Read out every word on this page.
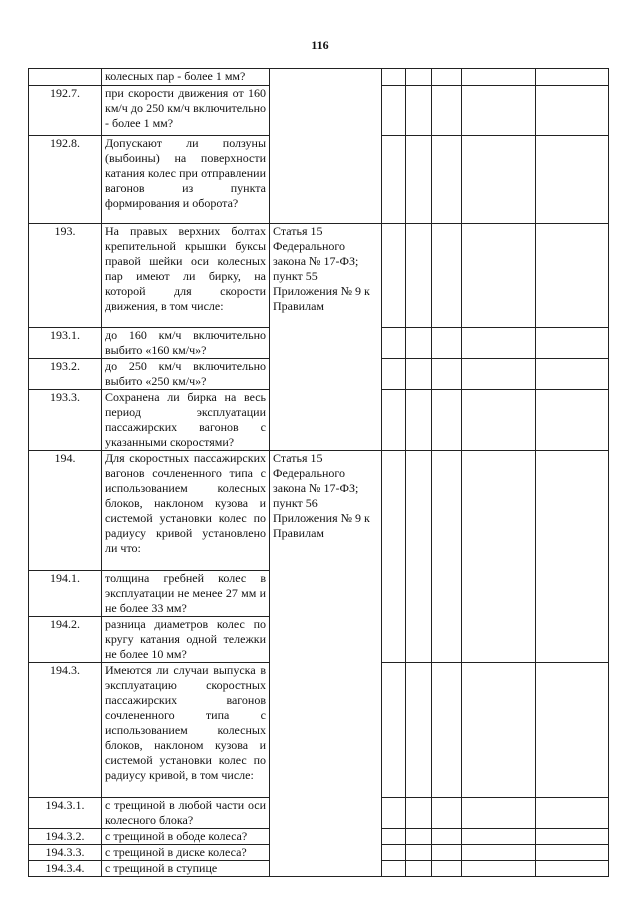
116
	колесных пар - более 1 мм?						
192.7.	при скорости движения от 160 км/ч до 250 км/ч включительно - более 1 мм?						
192.8.	Допускают ли ползуны (выбоины) на поверхности катания колес при отправлении вагонов из пункта формирования и оборота?						
193.	На правых верхних болтах крепительной крышки буксы правой шейки оси колесных пар имеют ли бирку, на которой для скорости движения, в том числе:	Статья 15 Федерального закона № 17-ФЗ; пункт 55 Приложения № 9 к Правилам					
193.1.	до 160 км/ч включительно выбито «160 км/ч»?						
193.2.	до 250 км/ч включительно выбито «250 км/ч»?						
193.3.	Сохранена ли бирка на весь период эксплуатации пассажирских вагонов с указанными скоростями?						
194.	Для скоростных пассажирских вагонов сочлененного типа с использованием колесных блоков, наклоном кузова и системой установки колес по радиусу кривой установлено ли что:	Статья 15 Федерального закона № 17-ФЗ; пункт 56 Приложения № 9 к Правилам					
194.1.	толщина гребней колес в эксплуатации не менее 27 мм и не более 33 мм?						
194.2.	разница диаметров колес по кругу катания одной тележки не более 10 мм?						
194.3.	Имеются ли случаи выпуска в эксплуатацию скоростных пассажирских вагонов сочлененного типа с использованием колесных блоков, наклоном кузова и системой установки колес по радиусу кривой, в том числе:						
194.3.1.	с трещиной в любой части оси колесного блока?						
194.3.2.	с трещиной в ободе колеса?						
194.3.3.	с трещиной в диске колеса?						
194.3.4.	с трещиной в ступице						
